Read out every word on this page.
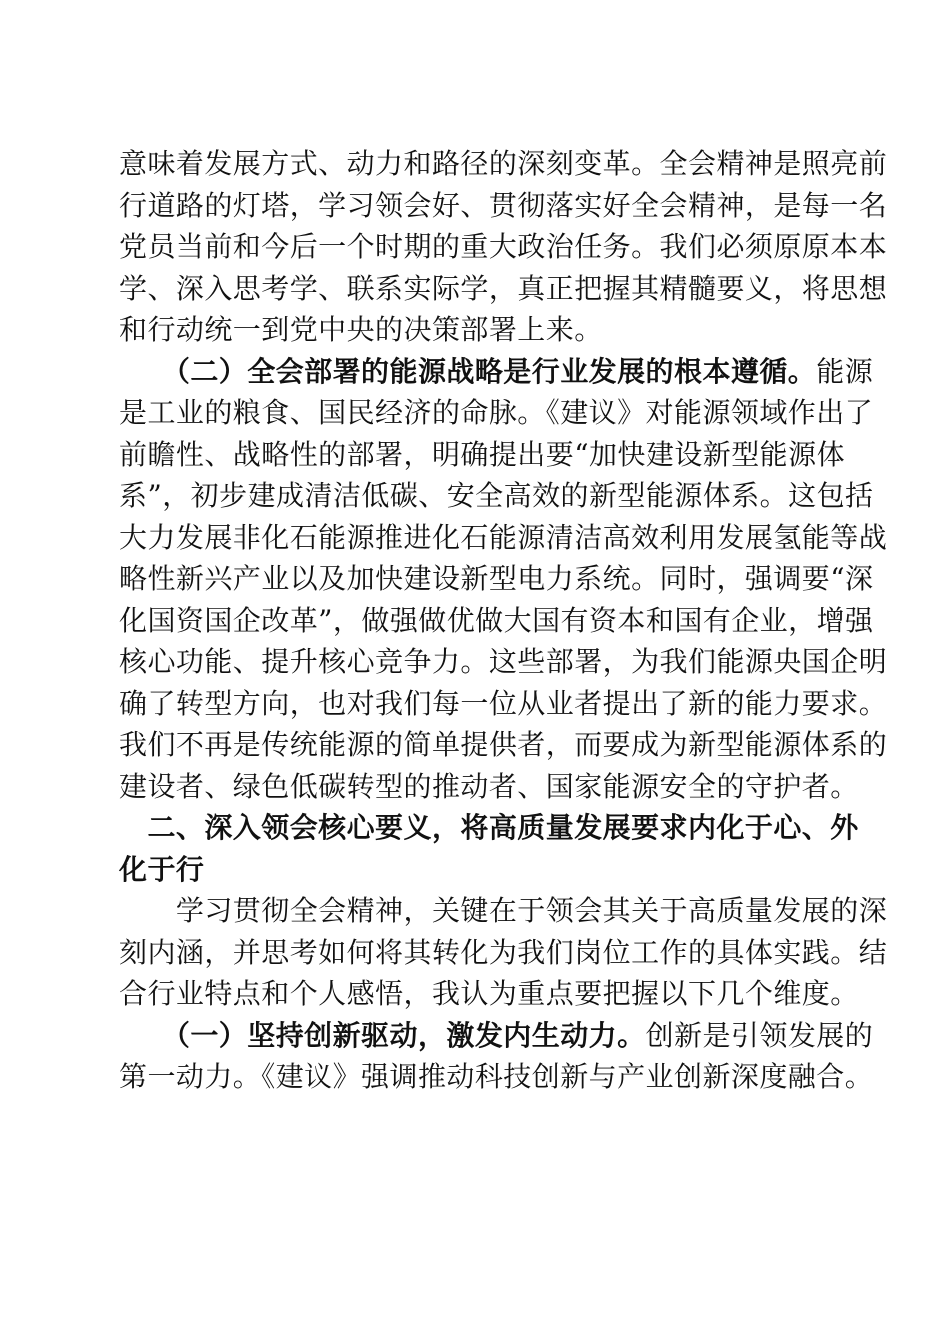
意味着发展方式、动力和路径的深刻变革。全会精神是照亮前
行道路的灯塔，学习领会好、贯彻落实好全会精神，是每一名
党员当前和今后一个时期的重大政治任务。我们必须原原本本
学、深入思考学、联系实际学，真正把握其精髓要义，将思想
和行动统一到党中央的决策部署上来。
　　（二）全会部署的能源战略是行业发展的根本遵循。能源
是工业的粮食、国民经济的命脉。《建议》对能源领域作出了
前瞻性、战略性的部署，明确提出要“加快建设新型能源体
系”，初步建成清洁低碳、安全高效的新型能源体系。这包括
大力发展非化石能源推进化石能源清洁高效利用发展氢能等战
略性新兴产业以及加快建设新型电力系统。同时，强调要“深
化国资国企改革”，做强做优做大国有资本和国有企业，增强
核心功能、提升核心竞争力。这些部署，为我们能源央国企明
确了转型方向，也对我们每一位从业者提出了新的能力要求。
我们不再是传统能源的简单提供者，而要成为新型能源体系的
建设者、绿色低碳转型的推动者、国家能源安全的守护者。
　二、深入领会核心要义，将高质量发展要求内化于心、外
化于行
　　学习贯彻全会精神，关键在于领会其关于高质量发展的深
刻内涵，并思考如何将其转化为我们岗位工作的具体实践。结
合行业特点和个人感悟，我认为重点要把握以下几个维度。
　　（一）坚持创新驱动，激发内生动力。创新是引领发展的
第一动力。《建议》强调推动科技创新与产业创新深度融合。
